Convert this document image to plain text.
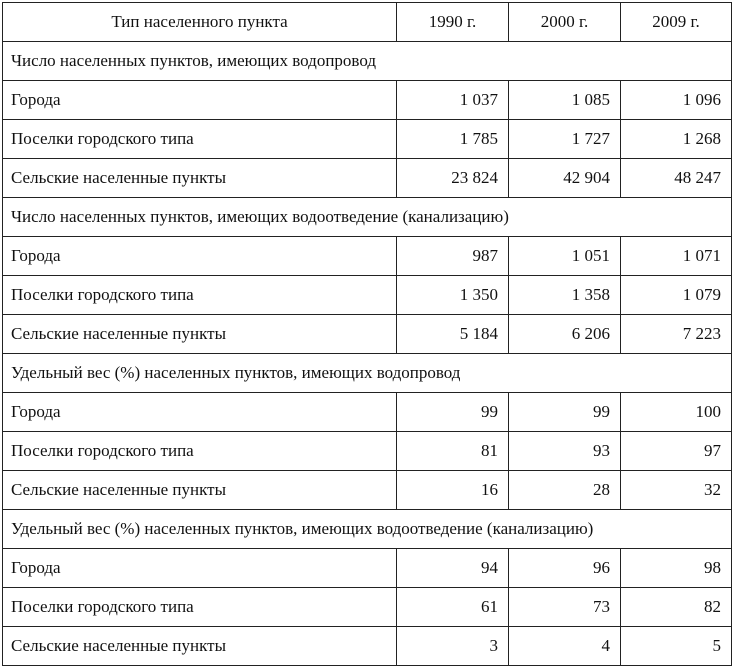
Тип населенного пункта	1990 г.	2000 г.	2009 г.
Число населенных пунктов, имеющих водопровод			
Города	1 037	1 085	1 096
Поселки городского типа	1 785	1 727	1 268
Сельские населенные пункты	23 824	42 904	48 247
Число населенных пунктов, имеющих водоотведение (канализацию)			
Города	987	1 051	1 071
Поселки городского типа	1 350	1 358	1 079
Сельские населенные пункты	5 184	6 206	7 223
Удельный вес (%) населенных пунктов, имеющих водопровод			
Города	99	99	100
Поселки городского типа	81	93	97
Сельские населенные пункты	16	28	32
Удельный вес (%) населенных пунктов, имеющих водоотведение (канализацию)			
Города	94	96	98
Поселки городского типа	61	73	82
Сельские населенные пункты	3	4	5
